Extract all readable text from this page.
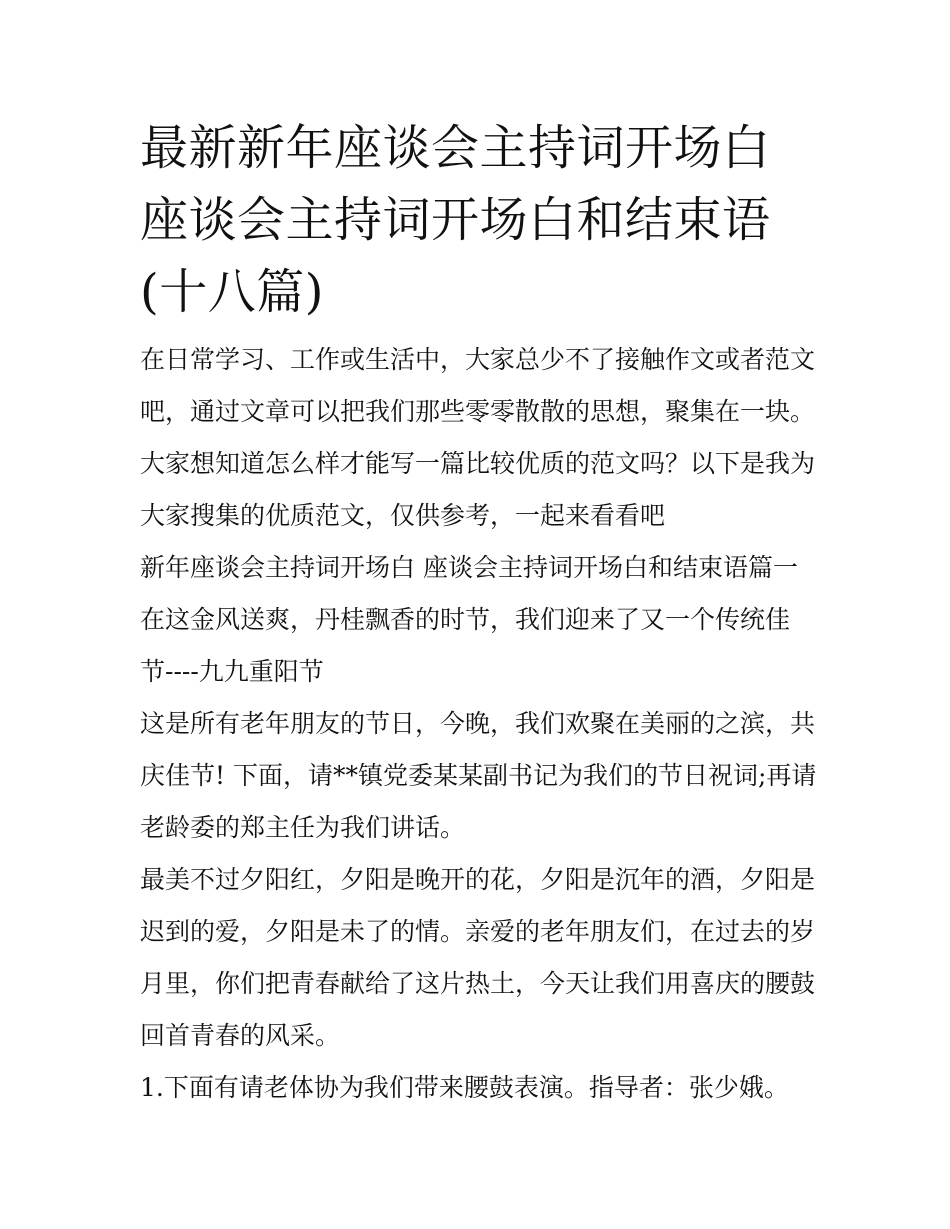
最新新年座谈会主持词开场白
座谈会主持词开场白和结束语
(十八篇)

在日常学习、工作或生活中，大家总少不了接触作文或者范文
吧，通过文章可以把我们那些零零散散的思想，聚集在一块。
大家想知道怎么样才能写一篇比较优质的范文吗？以下是我为
大家搜集的优质范文，仅供参考，一起来看看吧

新年座谈会主持词开场白 座谈会主持词开场白和结束语篇一

在这金风送爽，丹桂飘香的时节，我们迎来了又一个传统佳
节----九九重阳节

这是所有老年朋友的节日，今晚，我们欢聚在美丽的之滨，共
庆佳节! 下面，请**镇党委某某副书记为我们的节日祝词;再请
老龄委的郑主任为我们讲话。

最美不过夕阳红，夕阳是晚开的花，夕阳是沉年的酒，夕阳是
迟到的爱，夕阳是未了的情。亲爱的老年朋友们，在过去的岁
月里，你们把青春献给了这片热土，今天让我们用喜庆的腰鼓
回首青春的风采。

1.下面有请老体协为我们带来腰鼓表演。指导者：张少娥。
